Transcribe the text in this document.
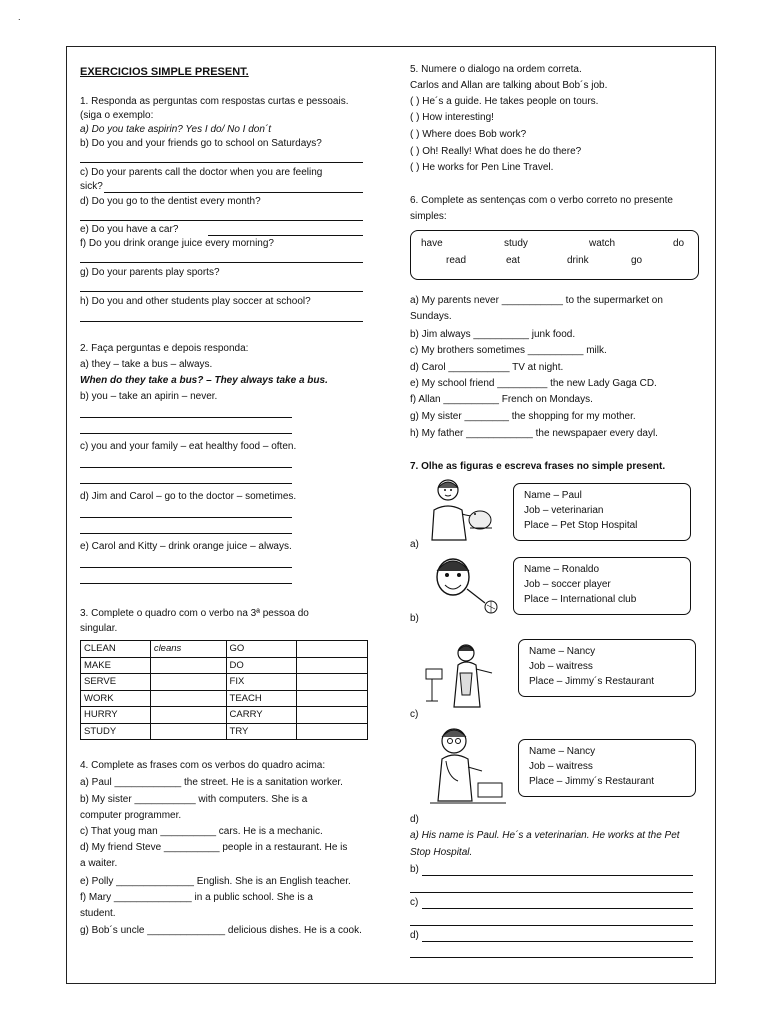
.
EXERCICIOS SIMPLE PRESENT.
1. Responda as perguntas com respostas curtas e pessoais.
(siga o exemplo:
a) Do you take aspirin? Yes I do/ No I don´t
b) Do you and your friends go to school on Saturdays?
c) Do your parents call the doctor when you are feeling
sick?
d) Do you go to the dentist every month?
e) Do you have a car?
f) Do you drink orange juice every morning?
g) Do your parents play sports?
h) Do you and other students play soccer at school?
2. Faça perguntas e depois responda:
a) they – take a bus – always.
When do they take a bus? – They always take a bus.
b) you – take an apirin – never.
c) you and your family – eat healthy food – often.
d) Jim and Carol – go to the doctor – sometimes.
e) Carol and Kitty – drink orange juice – always.
3. Complete o quadro com o verbo na 3ª pessoa do
singular.
CLEAN	cleans	GO	
MAKE		DO	
SERVE		FIX	
WORK		TEACH	
HURRY		CARRY	
STUDY		TRY	
4. Complete as frases com os verbos do quadro acima:
a) Paul ____________ the street. He is a sanitation worker.
b) My sister ___________ with computers. She is a
computer programmer.
c) That youg man __________ cars. He is a mechanic.
d) My friend Steve __________ people in a restaurant. He is
a waiter.
e) Polly ______________ English. She is an English teacher.
f) Mary ______________ in a public school. She is a
student.
g) Bob´s uncle ______________ delicious dishes. He is a cook.
5. Numere o dialogo na ordem correta.
Carlos and Allan are talking about Bob´s job.
( ) He´s a guide. He takes people on tours.
( ) How interesting!
( ) Where does Bob work?
( ) Oh! Really! What does he do there?
( ) He works for Pen Line Travel.
6. Complete as sentenças com o verbo correto no presente
simples:
have	study	watch	do
read	eat	drink	go
a) My parents never ___________ to the supermarket on
Sundays.
b) Jim always __________ junk food.
c) My brothers sometimes __________ milk.
d) Carol ___________ TV at night.
e) My school friend _________ the new Lady Gaga CD.
f) Allan __________ French on Mondays.
g) My sister ________ the shopping for my mother.
h) My father ____________ the newspapaer every dayl.
7. Olhe as figuras e escreva frases no simple present.
a)
Name – Paul
Job – veterinarian
Place – Pet Stop Hospital
b)
Name – Ronaldo
Job – soccer player
Place – International club
c)
Name – Nancy
Job – waitress
Place – Jimmy´s Restaurant
d)
Name – Nancy
Job – waitress
Place – Jimmy´s Restaurant
a) His name is Paul. He´s a veterinarian. He works at the Pet
Stop Hospital.
b)
c)
d)
